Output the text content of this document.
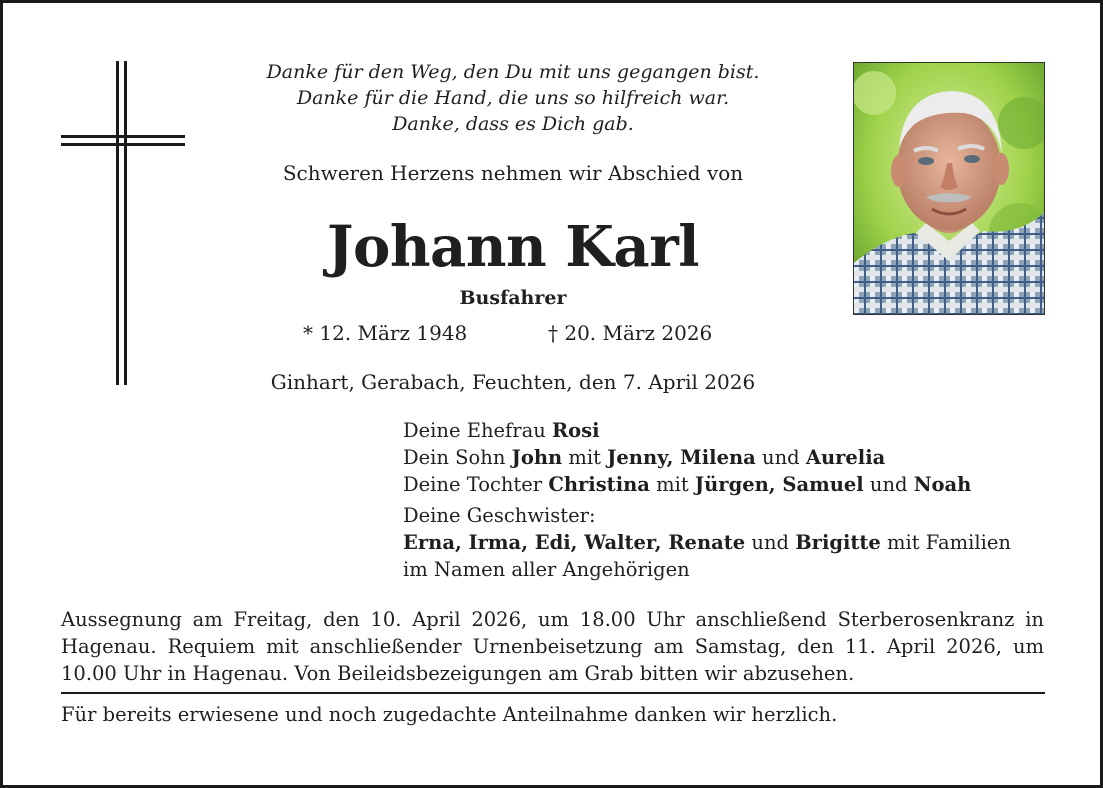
Danke für den Weg, den Du mit uns gegangen bist.
Danke für die Hand, die uns so hilfreich war.
Danke, dass es Dich gab.
Schweren Herzens nehmen wir Abschied von
Johann Karl
Busfahrer
* 12. März 1948	† 20. März 2026
Ginhart, Gerabach, Feuchten, den 7. April 2026
Deine Ehefrau Rosi
Dein Sohn John mit Jenny, Milena und Aurelia
Deine Tochter Christina mit Jürgen, Samuel und Noah
Deine Geschwister:
Erna, Irma, Edi, Walter, Renate und Brigitte mit Familien
im Namen aller Angehörigen
Aussegnung am Freitag, den 10. April 2026, um 18.00 Uhr anschließend Sterberosenkranz in Hagenau. Requiem mit anschließender Urnenbeisetzung am Samstag, den 11. April 2026, um 10.00 Uhr in Hagenau. Von Beileidsbezeigungen am Grab bitten wir abzusehen.
Für bereits erwiesene und noch zugedachte Anteilnahme danken wir herzlich.
